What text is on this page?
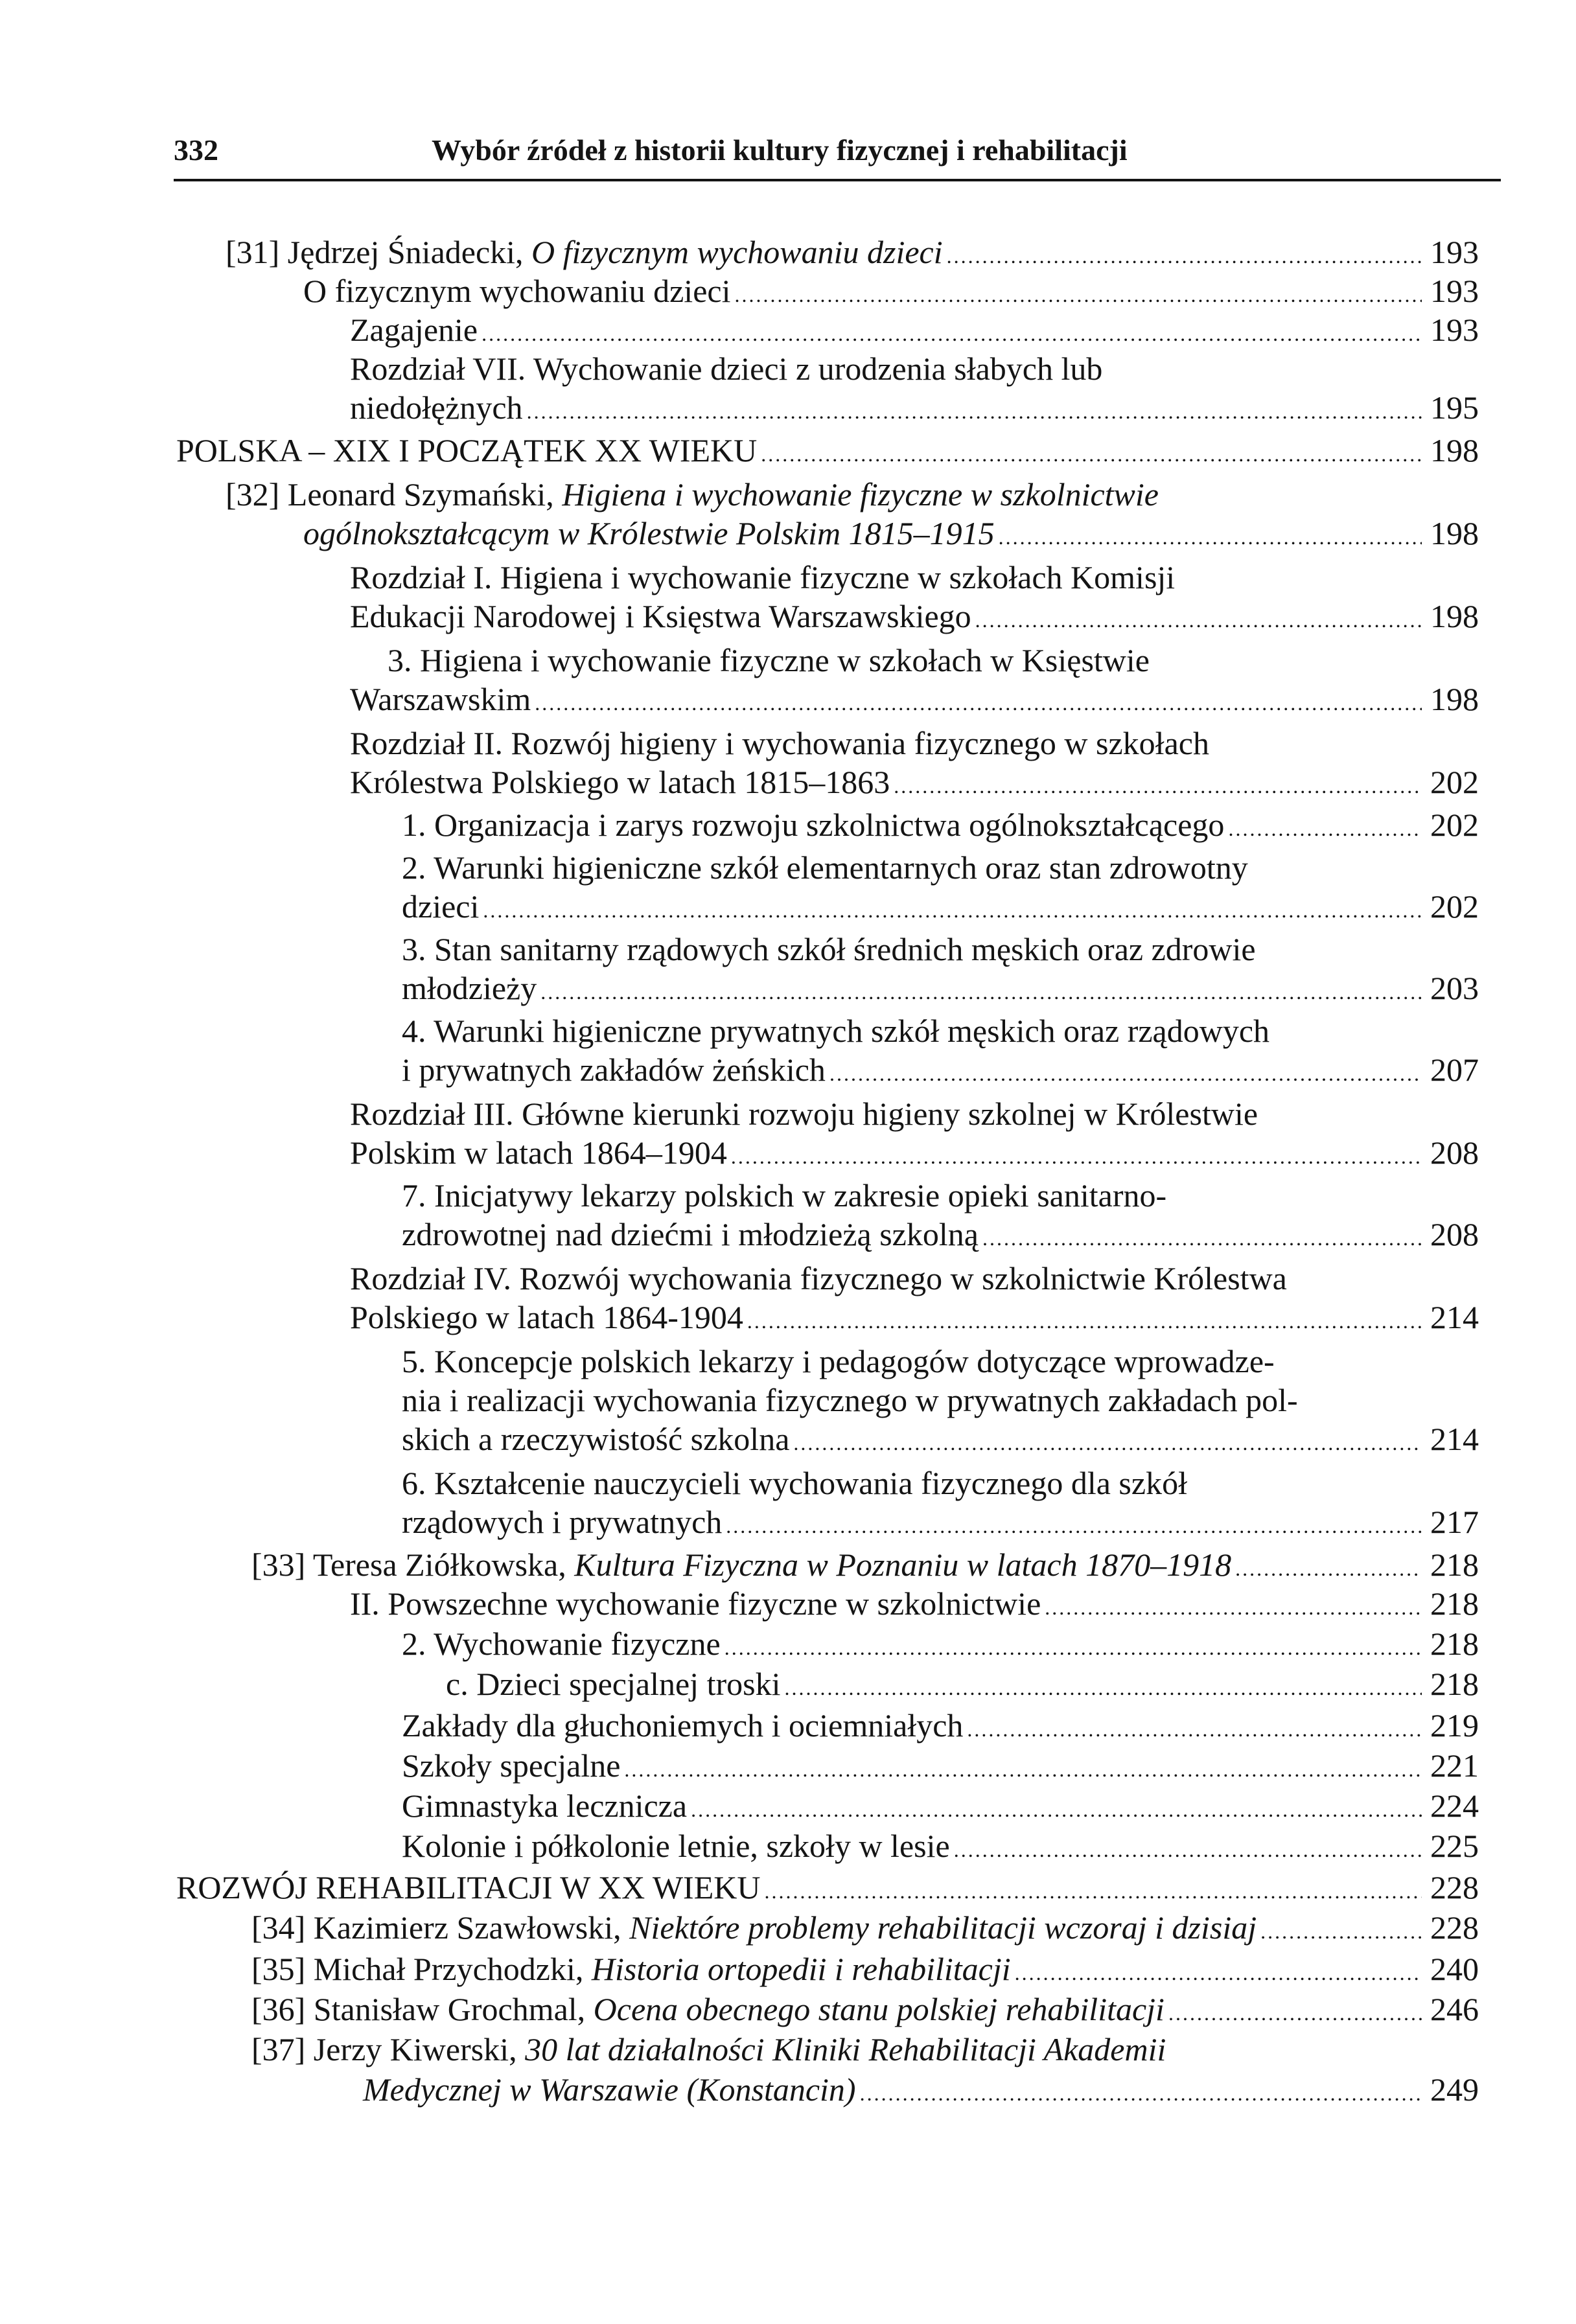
332	Wybór źródeł z historii kultury fizycznej i rehabilitacji
[31] Jędrzej Śniadecki, O fizycznym wychowaniu dzieci .....	193
O fizycznym wychowaniu dzieci .....	193
Zagajenie .....	193
Rozdział VII. Wychowanie dzieci z urodzenia słabych lub
niedołężnych .....	195
POLSKA – XIX I POCZĄTEK XX WIEKU .....	198
[32] Leonard Szymański, Higiena i wychowanie fizyczne w szkolnictwie
ogólnokształcącym w Królestwie Polskim 1815–1915 .....	198
Rozdział I. Higiena i wychowanie fizyczne w szkołach Komisji
Edukacji Narodowej i Księstwa Warszawskiego .....	198
3. Higiena i wychowanie fizyczne w szkołach w Księstwie
Warszawskim .....	198
Rozdział II. Rozwój higieny i wychowania fizycznego w szkołach
Królestwa Polskiego w latach 1815–1863 .....	202
1. Organizacja i zarys rozwoju szkolnictwa ogólnokształcącego .....	202
2. Warunki higieniczne szkół elementarnych oraz stan zdrowotny
dzieci .....	202
3. Stan sanitarny rządowych szkół średnich męskich oraz zdrowie
młodzieży .....	203
4. Warunki higieniczne prywatnych szkół męskich oraz rządowych
i prywatnych zakładów żeńskich .....	207
Rozdział III. Główne kierunki rozwoju higieny szkolnej w Królestwie
Polskim w latach 1864–1904 .....	208
7. Inicjatywy lekarzy polskich w zakresie opieki sanitarno-
zdrowotnej nad dziećmi i młodzieżą szkolną .....	208
Rozdział IV. Rozwój wychowania fizycznego w szkolnictwie Królestwa
Polskiego w latach 1864-1904 .....	214
5. Koncepcje polskich lekarzy i pedagogów dotyczące wprowadze-
nia i realizacji wychowania fizycznego w prywatnych zakładach pol-
skich a rzeczywistość szkolna .....	214
6. Kształcenie nauczycieli wychowania fizycznego dla szkół
rządowych i prywatnych .....	217
[33] Teresa Ziółkowska, Kultura Fizyczna w Poznaniu w latach 1870–1918 .....	218
II. Powszechne wychowanie fizyczne w szkolnictwie .....	218
2. Wychowanie fizyczne .....	218
c. Dzieci specjalnej troski .....	218
Zakłady dla głuchoniemych i ociemniałych .....	219
Szkoły specjalne .....	221
Gimnastyka lecznicza .....	224
Kolonie i półkolonie letnie, szkoły w lesie .....	225
ROZWÓJ REHABILITACJI W XX WIEKU .....	228
[34] Kazimierz Szawłowski, Niektóre problemy rehabilitacji wczoraj i dzisiaj .....	228
[35] Michał Przychodzki, Historia ortopedii i rehabilitacji .....	240
[36] Stanisław Grochmal, Ocena obecnego stanu polskiej rehabilitacji .....	246
[37] Jerzy Kiwerski, 30 lat działalności Kliniki Rehabilitacji Akademii
Medycznej w Warszawie (Konstancin) .....	249
